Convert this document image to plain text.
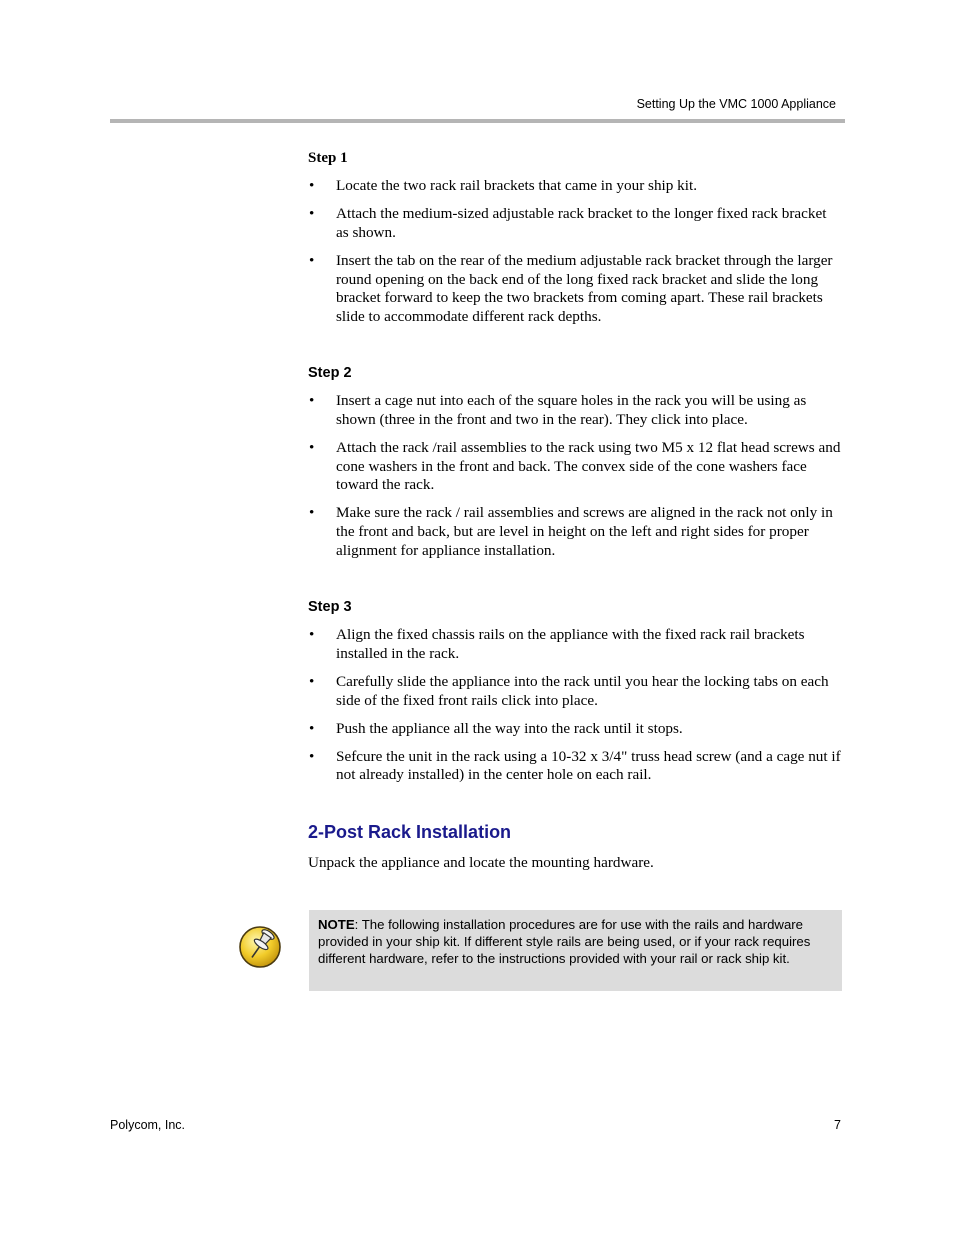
Setting Up the VMC 1000 Appliance
Step 1
• Locate the two rack rail brackets that came in your ship kit.
• Attach the medium-sized adjustable rack bracket to the longer fixed rack bracket as shown.
• Insert the tab on the rear of the medium adjustable rack bracket through the larger round opening on the back end of the long fixed rack bracket and slide the long bracket forward to keep the two brackets from coming apart. These rail brackets slide to accommodate different rack depths.
Step 2
• Insert a cage nut into each of the square holes in the rack you will be using as shown (three in the front and two in the rear). They click into place.
• Attach the rack /rail assemblies to the rack using two M5 x 12 flat head screws and cone washers in the front and back. The convex side of the cone washers face toward the rack.
• Make sure the rack / rail assemblies and screws are aligned in the rack not only in the front and back, but are level in height on the left and right sides for proper alignment for appliance installation.
Step 3
• Align the fixed chassis rails on the appliance with the fixed rack rail brackets installed in the rack.
• Carefully slide the appliance into the rack until you hear the locking tabs on each side of the fixed front rails click into place.
• Push the appliance all the way into the rack until it stops.
• Sefcure the unit in the rack using a 10-32 x 3/4" truss head screw (and a cage nut if not already installed) in the center hole on each rail.
2-Post Rack Installation
Unpack the appliance and locate the mounting hardware.
NOTE: The following installation procedures are for use with the rails and hardware provided in your ship kit. If different style rails are being used, or if your rack requires different hardware, refer to the instructions provided with your rail or rack ship kit.
Polycom, Inc.	7
